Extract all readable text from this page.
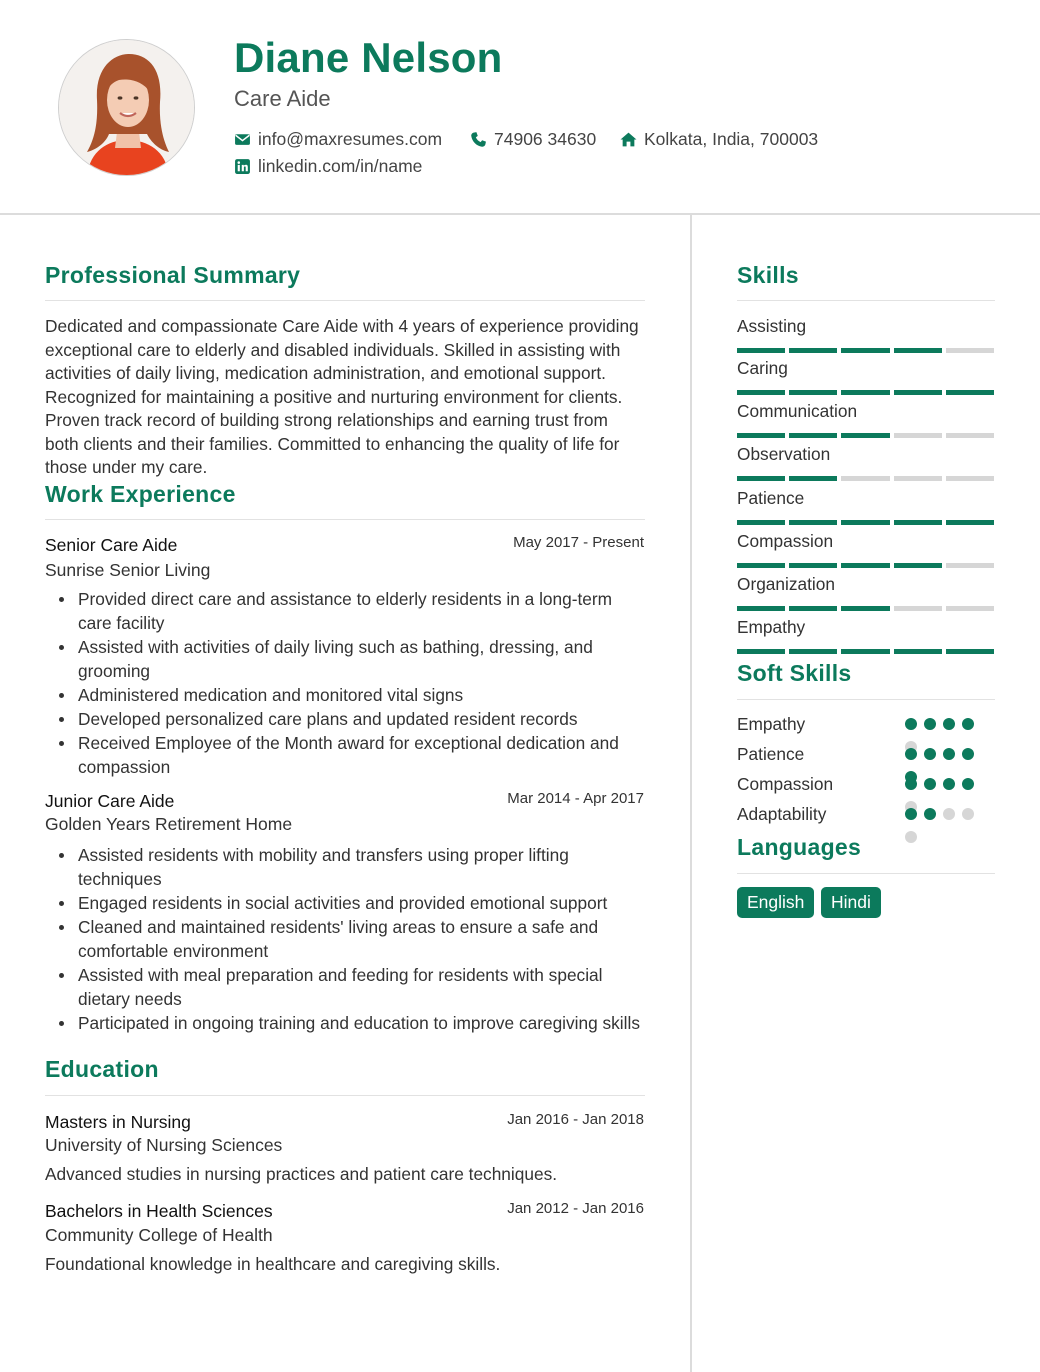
Diane Nelson
Care Aide
info@maxresumes.com	74906 34630	Kolkata, India, 700003
linkedin.com/in/name
Professional Summary
Dedicated and compassionate Care Aide with 4 years of experience providing exceptional care to elderly and disabled individuals. Skilled in assisting with activities of daily living, medication administration, and emotional support. Recognized for maintaining a positive and nurturing environment for clients. Proven track record of building strong relationships and earning trust from both clients and their families. Committed to enhancing the quality of life for those under my care.
Work Experience
Senior Care Aide	May 2017 - Present
Sunrise Senior Living
Provided direct care and assistance to elderly residents in a long-term care facility
Assisted with activities of daily living such as bathing, dressing, and grooming
Administered medication and monitored vital signs
Developed personalized care plans and updated resident records
Received Employee of the Month award for exceptional dedication and compassion
Junior Care Aide	Mar 2014 - Apr 2017
Golden Years Retirement Home
Assisted residents with mobility and transfers using proper lifting techniques
Engaged residents in social activities and provided emotional support
Cleaned and maintained residents' living areas to ensure a safe and comfortable environment
Assisted with meal preparation and feeding for residents with special dietary needs
Participated in ongoing training and education to improve caregiving skills
Education
Masters in Nursing	Jan 2016 - Jan 2018
University of Nursing Sciences
Advanced studies in nursing practices and patient care techniques.
Bachelors in Health Sciences	Jan 2012 - Jan 2016
Community College of Health
Foundational knowledge in healthcare and caregiving skills.
Skills
Assisting
Caring
Communication
Observation
Patience
Compassion
Organization
Empathy
Soft Skills
Empathy
Patience
Compassion
Adaptability
Languages
English	Hindi
